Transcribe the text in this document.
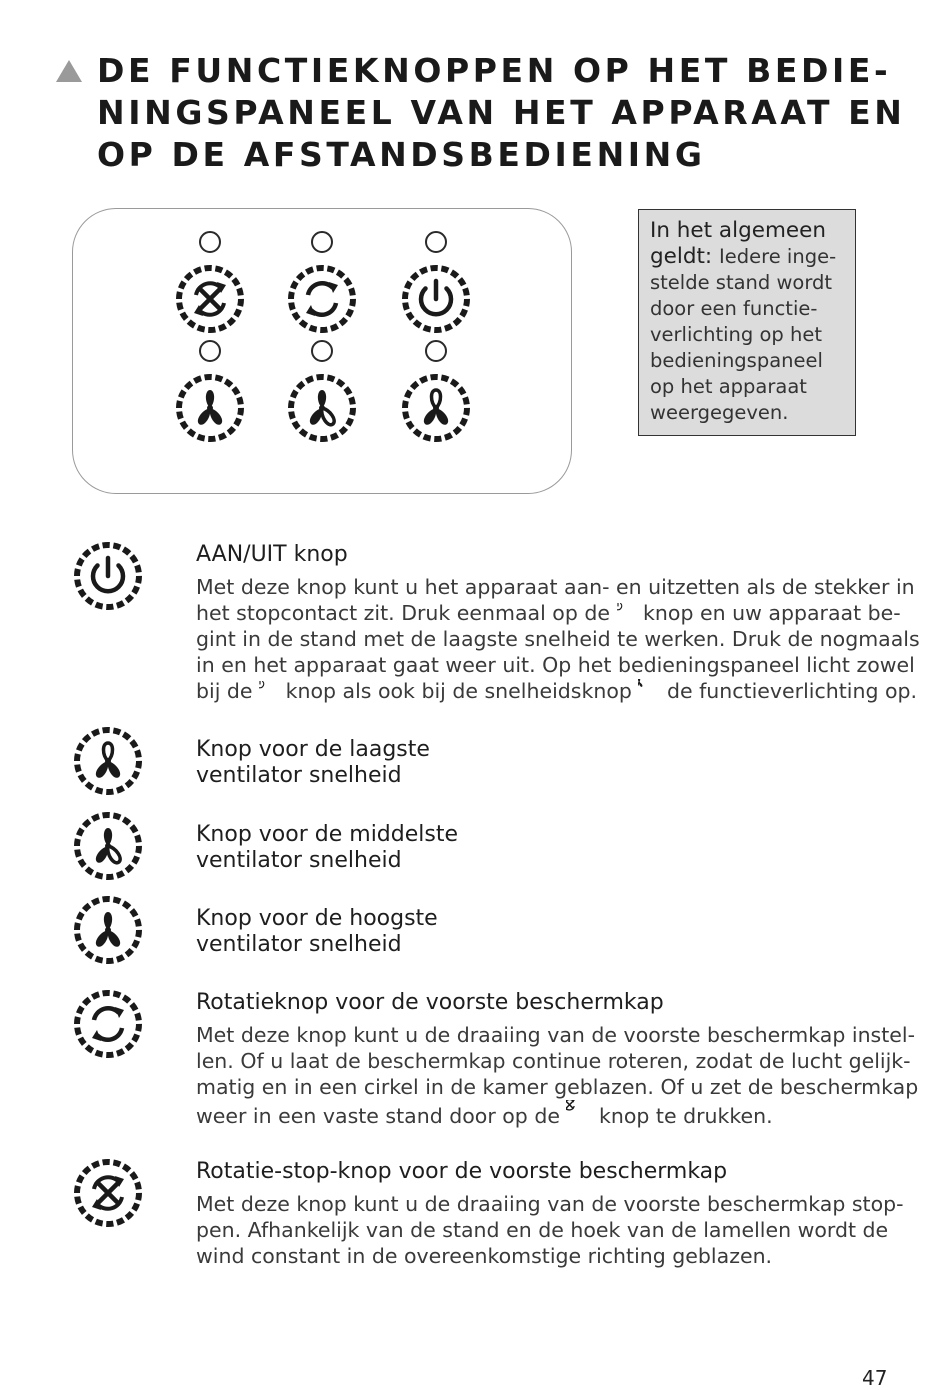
DE FUNCTIEKNOPPEN OP HET BEDIE-
NINGSPANEEL VAN HET APPARAAT EN
OP DE AFSTANDSBEDIENING
In het algemeen
geldt: Iedere inge-
stelde stand wordt
door een functie-
verlichting op het
bedieningspaneel
op het apparaat
weergegeven.
AAN/UIT knop
Met deze knop kunt u het apparaat aan- en uitzetten als de stekker in
het stopcontact zit. Druk eenmaal op de  knop en uw apparaat be-
gint in de stand met de laagste snelheid te werken. Druk de nogmaals
in en het apparaat gaat weer uit. Op het bedieningspaneel licht zowel
bij de  knop als ook bij de snelheidsknop  de functieverlichting op.
Knop voor de laagste
ventilator snelheid
Knop voor de middelste
ventilator snelheid
Knop voor de hoogste
ventilator snelheid
Rotatieknop voor de voorste beschermkap
Met deze knop kunt u de draaiing van de voorste beschermkap instel-
len. Of u laat de beschermkap continue roteren, zodat de lucht gelijk-
matig en in een cirkel in de kamer geblazen. Of u zet de beschermkap
weer in een vaste stand door op de  knop te drukken.
Rotatie-stop-knop voor de voorste beschermkap
Met deze knop kunt u de draaiing van de voorste beschermkap stop-
pen. Afhankelijk van de stand en de hoek van de lamellen wordt de
wind constant in de overeenkomstige richting geblazen.
47
